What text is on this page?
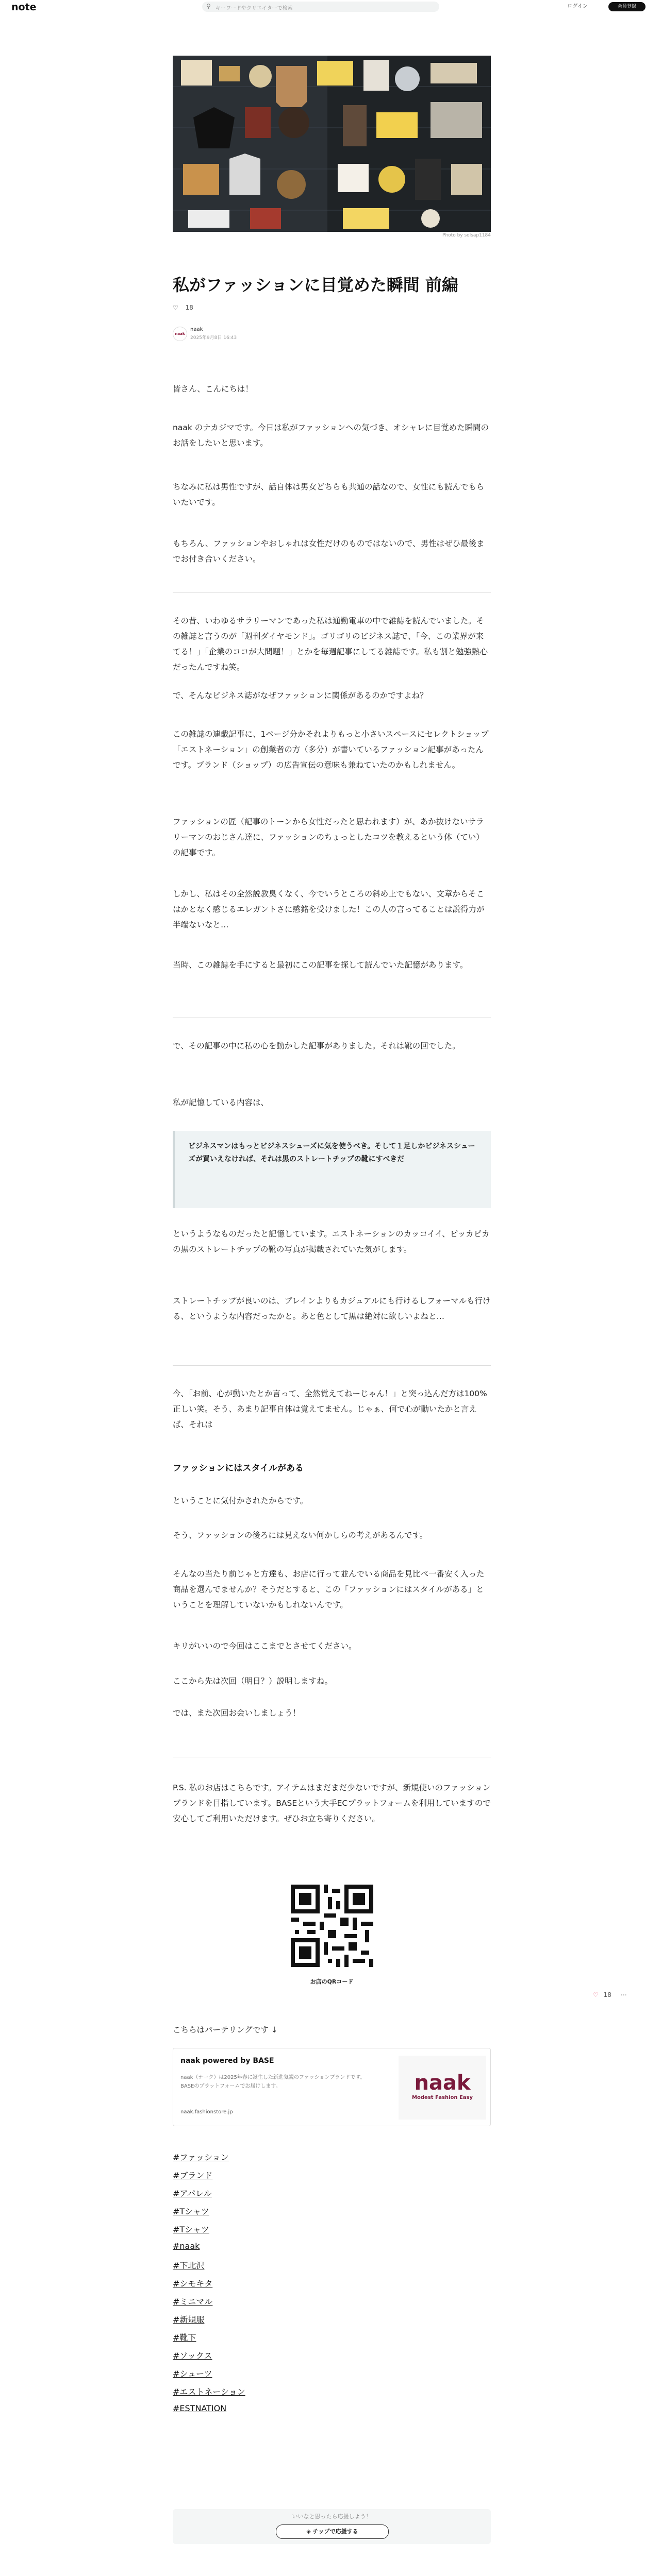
note	⚲ キーワードやクリエイターで検索	ログイン	会員登録
Photo by solsap1184
私がファッションに目覚めた瞬間 前編
♡ 18
naak
naak
2025年9月8日 16:43

皆さん、こんにちは！

naak のナカジマです。今日は私がファッションへの気づき、オシャレに目覚めた瞬間のお話をしたいと思います。

ちなみに私は男性ですが、話自体は男女どちらも共通の話なので、女性にも読んでもらいたいです。

もちろん、ファッションやおしゃれは女性だけのものではないので、男性はぜひ最後までお付き合いください。

その昔、いわゆるサラリーマンであった私は通勤電車の中で雑誌を読んでいました。その雑誌と言うのが「週刊ダイヤモンド」。ゴリゴリのビジネス誌で、「今、この業界が来てる！」「企業のココが大問題！」とかを毎週記事にしてる雑誌です。私も割と勉強熱心だったんですね笑。

で、そんなビジネス誌がなぜファッションに関係があるのかですよね？

この雑誌の連載記事に、1ページ分かそれよりもっと小さいスペースにセレクトショップ「エストネーション」の創業者の方（多分）が書いているファッション記事があったんです。ブランド（ショップ）の広告宣伝の意味も兼ねていたのかもしれません。

ファッションの匠（記事のトーンから女性だったと思われます）が、あか抜けないサラリーマンのおじさん達に、ファッションのちょっとしたコツを教えるという体（てい）の記事です。

しかし、私はその全然説教臭くなく、今でいうところの斜め上でもない、文章からそこはかとなく感じるエレガントさに感銘を受けました！この人の言ってることは説得力が半端ないなと…

当時、この雑誌を手にすると最初にこの記事を探して読んでいた記憶があります。

で、その記事の中に私の心を動かした記事がありました。それは靴の回でした。

私が記憶している内容は、

ビジネスマンはもっとビジネスシューズに気を使うべき。そして１足しかビジネスシューズが買いえなければ、それは黒のストレートチップの靴にすべきだ

というようなものだったと記憶しています。エストネーションのカッコイイ、ピッカピカの黒のストレートチップの靴の写真が掲載されていた気がします。

ストレートチップが良いのは、ブレインよりもカジュアルにも行けるしフォーマルも行ける、というような内容だったかと。あと色として黒は絶対に欲しいよねと…

今、「お前、心が動いたとか言って、全然覚えてねーじゃん！」と突っ込んだ方は100%正しい笑。そう、あまり記事自体は覚えてません。じゃぁ、何で心が動いたかと言えば、それは

ファッションにはスタイルがある

ということに気付かされたからです。

そう、ファッションの後ろには見えない何かしらの考えがあるんです。

そんなの当たり前じゃと方達も、お店に行って並んでいる商品を見比べ一番安く入った商品を選んでませんか？そうだとすると、この「ファッションにはスタイルがある」ということを理解していないかもしれないんです。

キリがいいので今回はここまでとさせてください。

ここから先は次回（明日？）説明しますね。

では、また次回お会いしましょう！

P.S. 私のお店はこちらです。アイテムはまだまだ少ないですが、新規使いのファッションブランドを目指しています。BASEという大手ECプラットフォームを利用していますので安心してご利用いただけます。ぜひお立ち寄りください。

お店のQRコード

こちらはパーテリングです ↓

naak powered by BASE
naak（ナーク）は2025年春に誕生した新進気鋭のファッションブランドです。BASEのプラットフォームでお届けします。
naak.fashionstore.jp
naak
Modest Fashion Easy
#ファッション
#ブランド
#アパレル
#Tシャツ
#Tシャツ
#naak
#下北沢
#シモキタ
#ミニマル
#新規服
#靴下
#ソックス
#シューツ
#エストネーション
#ESTNATION
いいなと思ったら応援しよう！
◈ チップで応援する
♡ 18 ⋯
